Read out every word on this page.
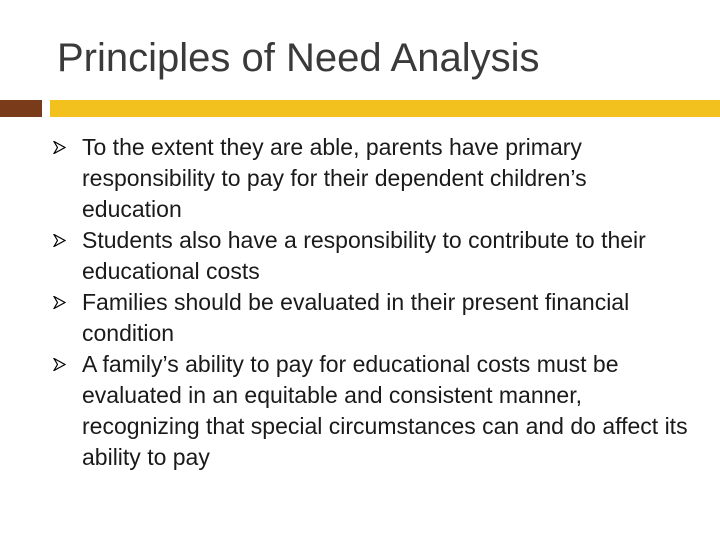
Principles of Need Analysis
To the extent they are able, parents have primary responsibility to pay for their dependent children’s education
Students also have a responsibility to contribute to their educational costs
Families should be evaluated in their present financial condition
A family’s ability to pay for educational costs must be evaluated in an equitable and consistent manner, recognizing that special circumstances can and do affect its ability to pay
